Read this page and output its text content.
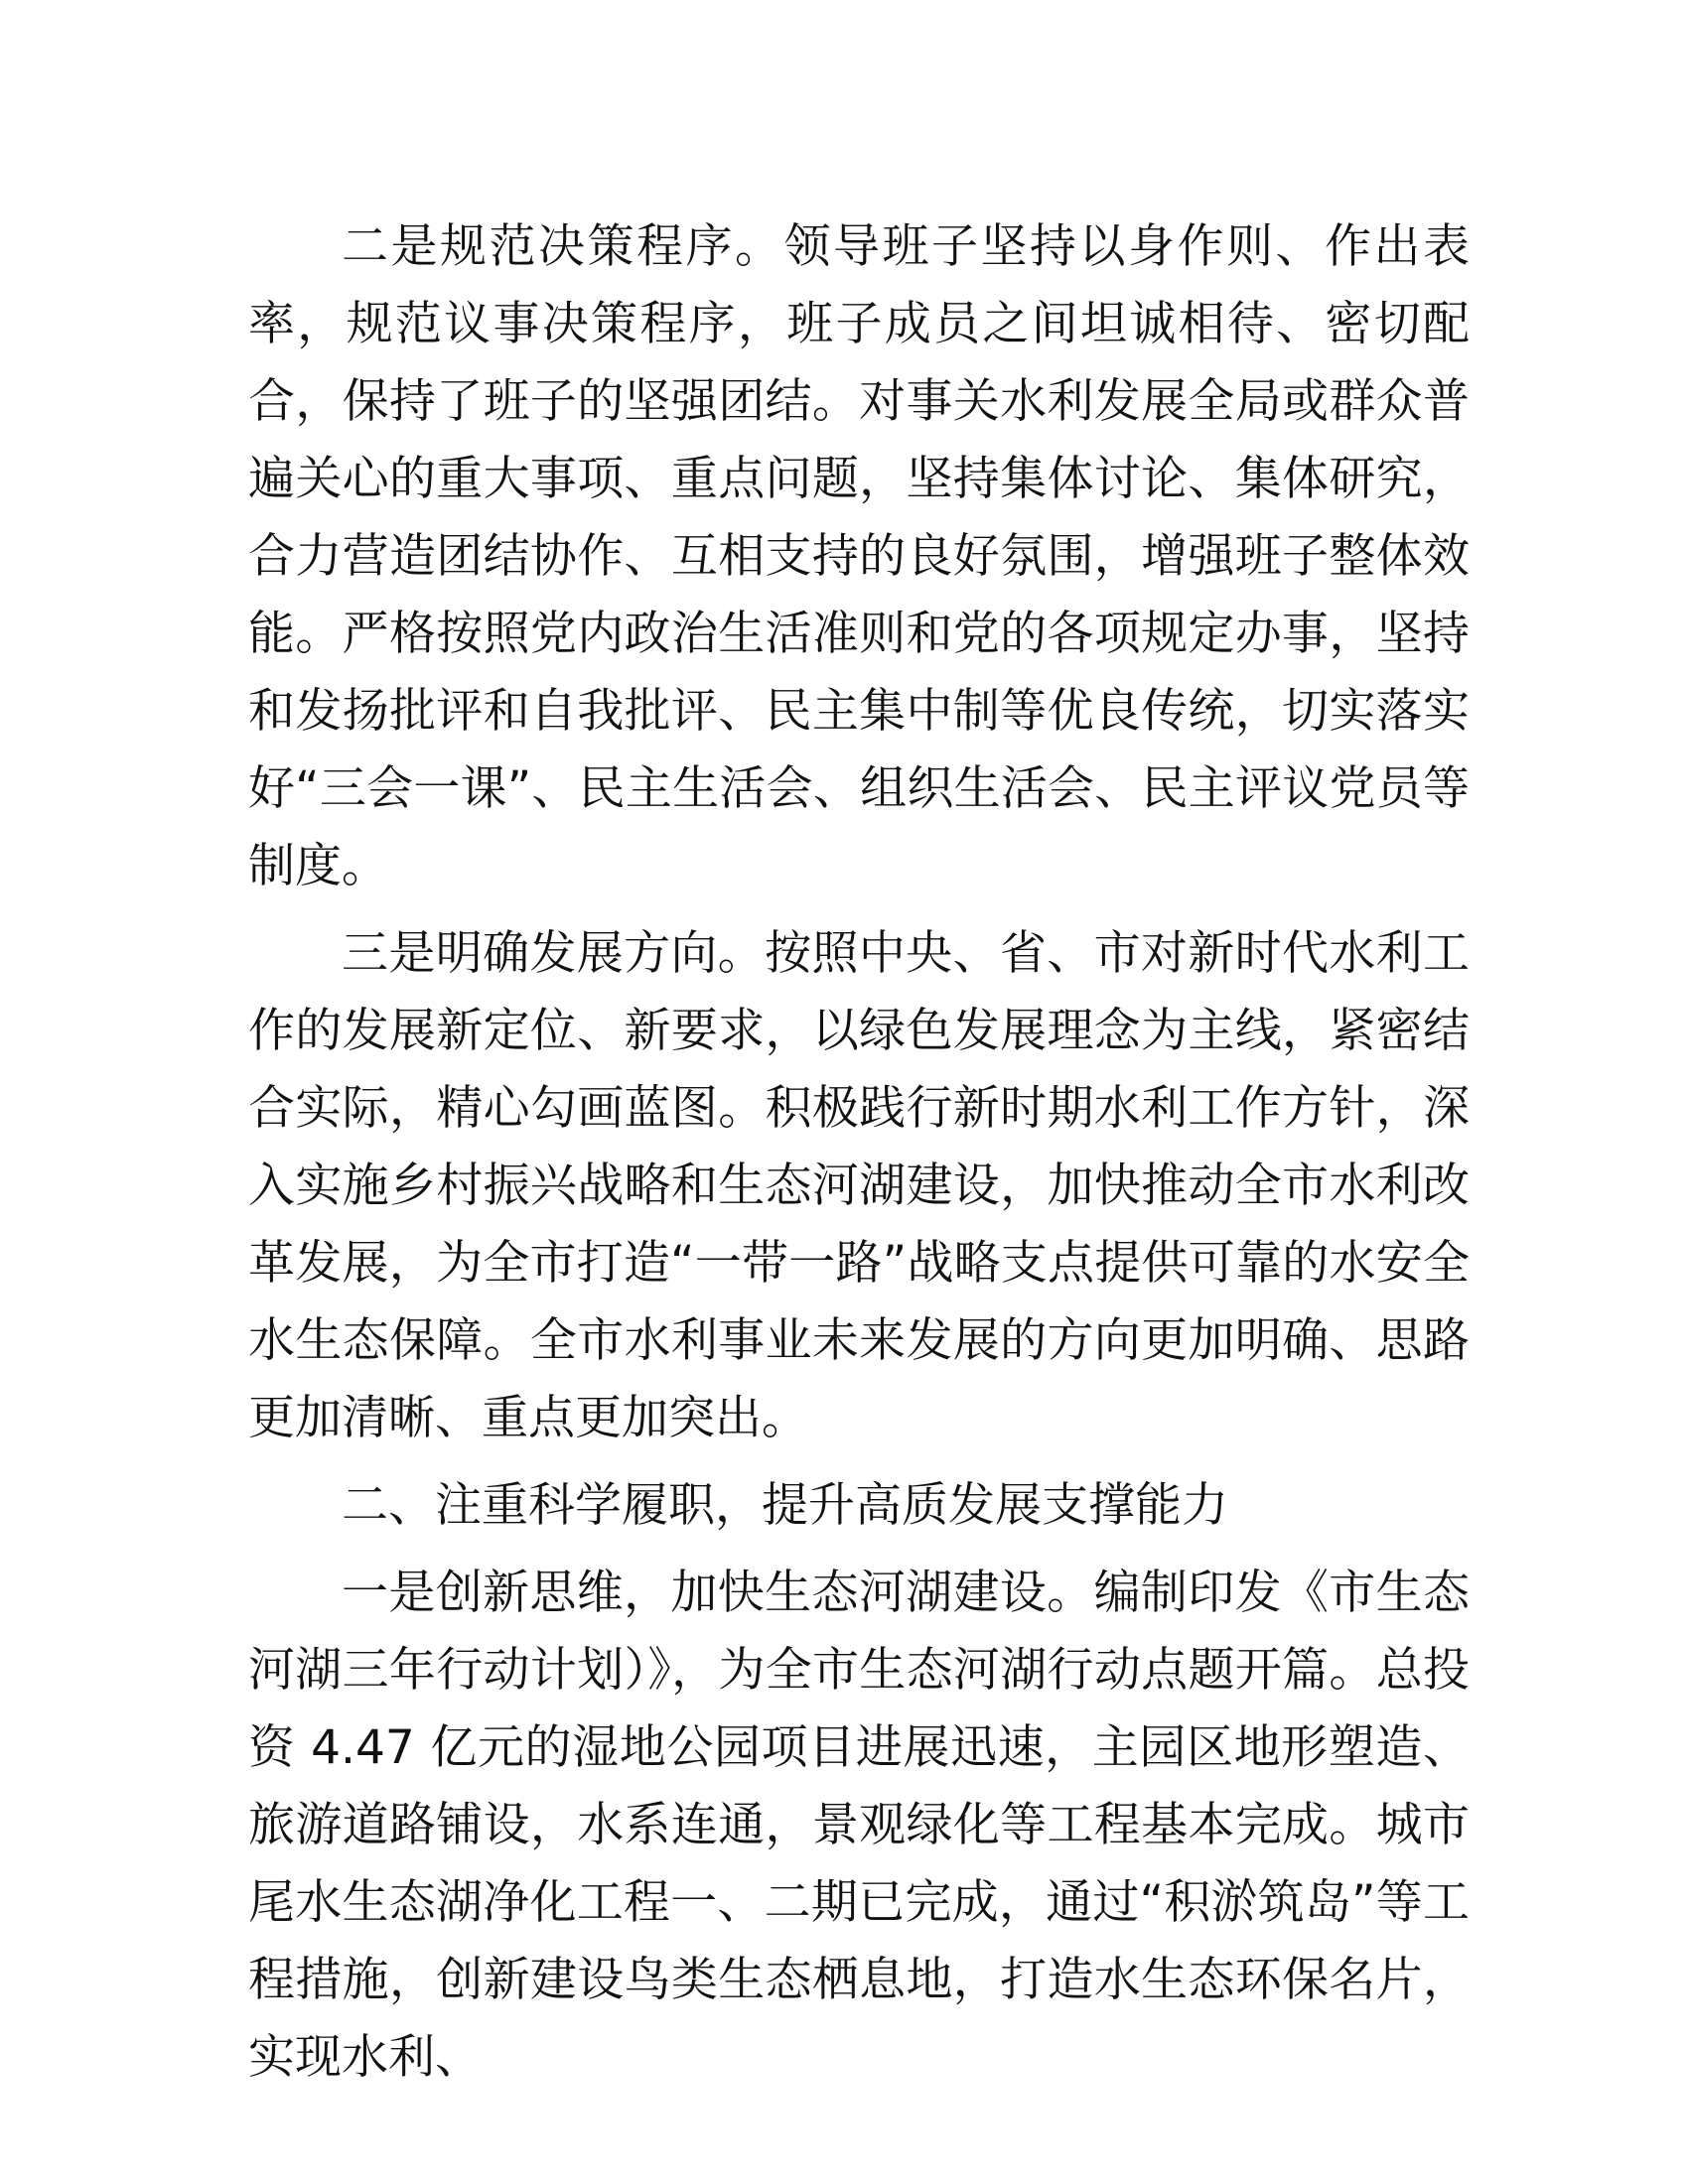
二是规范决策程序。领导班子坚持以身作则、作出表率，规范议事决策程序，班子成员之间坦诚相待、密切配合，保持了班子的坚强团结。对事关水利发展全局或群众普遍关心的重大事项、重点问题，坚持集体讨论、集体研究，合力营造团结协作、互相支持的良好氛围，增强班子整体效能。严格按照党内政治生活准则和党的各项规定办事，坚持和发扬批评和自我批评、民主集中制等优良传统，切实落实好“三会一课”、民主生活会、组织生活会、民主评议党员等制度。

三是明确发展方向。按照中央、省、市对新时代水利工作的发展新定位、新要求，以绿色发展理念为主线，紧密结合实际，精心勾画蓝图。积极践行新时期水利工作方针，深入实施乡村振兴战略和生态河湖建设，加快推动全市水利改革发展，为全市打造“一带一路”战略支点提供可靠的水安全水生态保障。全市水利事业未来发展的方向更加明确、思路更加清晰、重点更加突出。

二、注重科学履职，提升高质发展支撑能力

一是创新思维，加快生态河湖建设。编制印发《市生态河湖三年行动计划）》，为全市生态河湖行动点题开篇。总投资 4.47 亿元的湿地公园项目进展迅速，主园区地形塑造、旅游道路铺设，水系连通，景观绿化等工程基本完成。城市尾水生态湖净化工程一、二期已完成，通过“积淤筑岛”等工程措施，创新建设鸟类生态栖息地，打造水生态环保名片，实现水利、
